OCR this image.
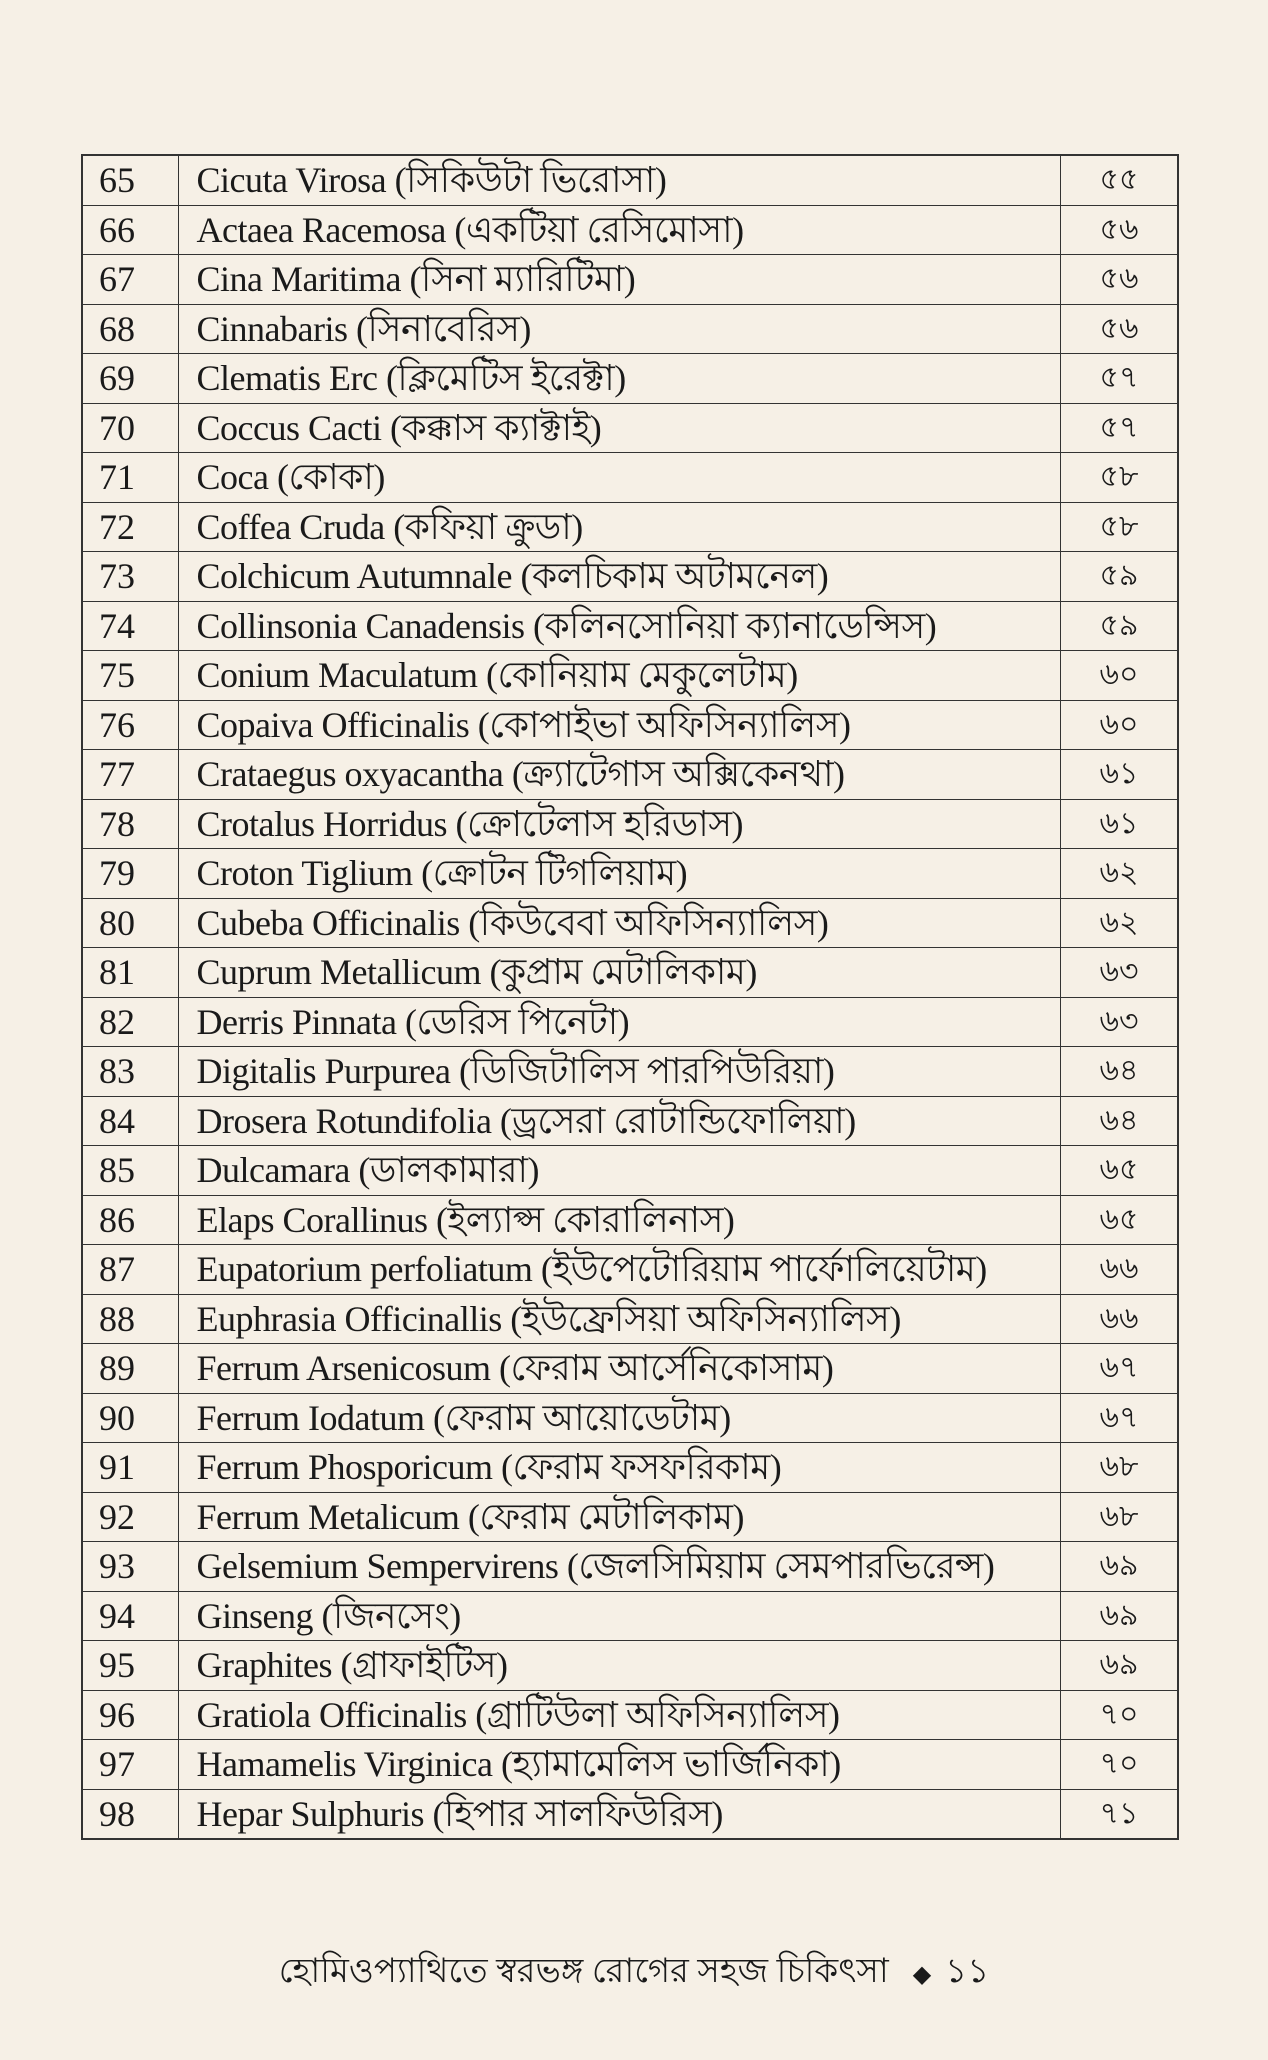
65	Cicuta Virosa (সিকিউটা ভিরোসা)	৫৫
66	Actaea Racemosa (একটিয়া রেসিমোসা)	৫৬
67	Cina Maritima (সিনা ম্যারিটিমা)	৫৬
68	Cinnabaris (সিনাবেরিস)	৫৬
69	Clematis Erc (ক্লিমেটিস ইরেক্টা)	৫৭
70	Coccus Cacti (কক্কাস ক্যাক্টাই)	৫৭
71	Coca (কোকা)	৫৮
72	Coffea Cruda (কফিয়া ক্রুডা)	৫৮
73	Colchicum Autumnale (কলচিকাম অটামনেল)	৫৯
74	Collinsonia Canadensis (কলিনসোনিয়া ক্যানাডেন্সিস)	৫৯
75	Conium Maculatum (কোনিয়াম মেকুলেটাম)	৬০
76	Copaiva Officinalis (কোপাইভা অফিসিন্যালিস)	৬০
77	Crataegus oxyacantha (ক্র্যাটেগাস অক্সিকেনথা)	৬১
78	Crotalus Horridus (ক্রোটেলাস হরিডাস)	৬১
79	Croton Tiglium (ক্রোটন টিগলিয়াম)	৬২
80	Cubeba Officinalis (কিউবেবা অফিসিন্যালিস)	৬২
81	Cuprum Metallicum (কুপ্রাম মেটালিকাম)	৬৩
82	Derris Pinnata (ডেরিস পিনেটা)	৬৩
83	Digitalis Purpurea (ডিজিটালিস পারপিউরিয়া)	৬৪
84	Drosera Rotundifolia (ড্রসেরা রোটান্ডিফোলিয়া)	৬৪
85	Dulcamara (ডালকামারা)	৬৫
86	Elaps Corallinus (ইল্যাপ্স কোরালিনাস)	৬৫
87	Eupatorium perfoliatum (ইউপেটোরিয়াম পার্ফোলিয়েটাম)	৬৬
88	Euphrasia Officinallis (ইউফ্রেসিয়া অফিসিন্যালিস)	৬৬
89	Ferrum Arsenicosum (ফেরাম আর্সেনিকোসাম)	৬৭
90	Ferrum Iodatum (ফেরাম আয়োডেটাম)	৬৭
91	Ferrum Phosporicum (ফেরাম ফসফরিকাম)	৬৮
92	Ferrum Metalicum (ফেরাম মেটালিকাম)	৬৮
93	Gelsemium Sempervirens (জেলসিমিয়াম সেমপারভিরেন্স)	৬৯
94	Ginseng (জিনসেং)	৬৯
95	Graphites (গ্রাফাইটিস)	৬৯
96	Gratiola Officinalis (গ্রাটিউলা অফিসিন্যালিস)	৭০
97	Hamamelis Virginica (হ্যামামেলিস ভার্জিনিকা)	৭০
98	Hepar Sulphuris (হিপার সালফিউরিস)	৭১
হোমিওপ্যাথিতে স্বরভঙ্গ রোগের সহজ চিকিৎসা ◆ ১১
